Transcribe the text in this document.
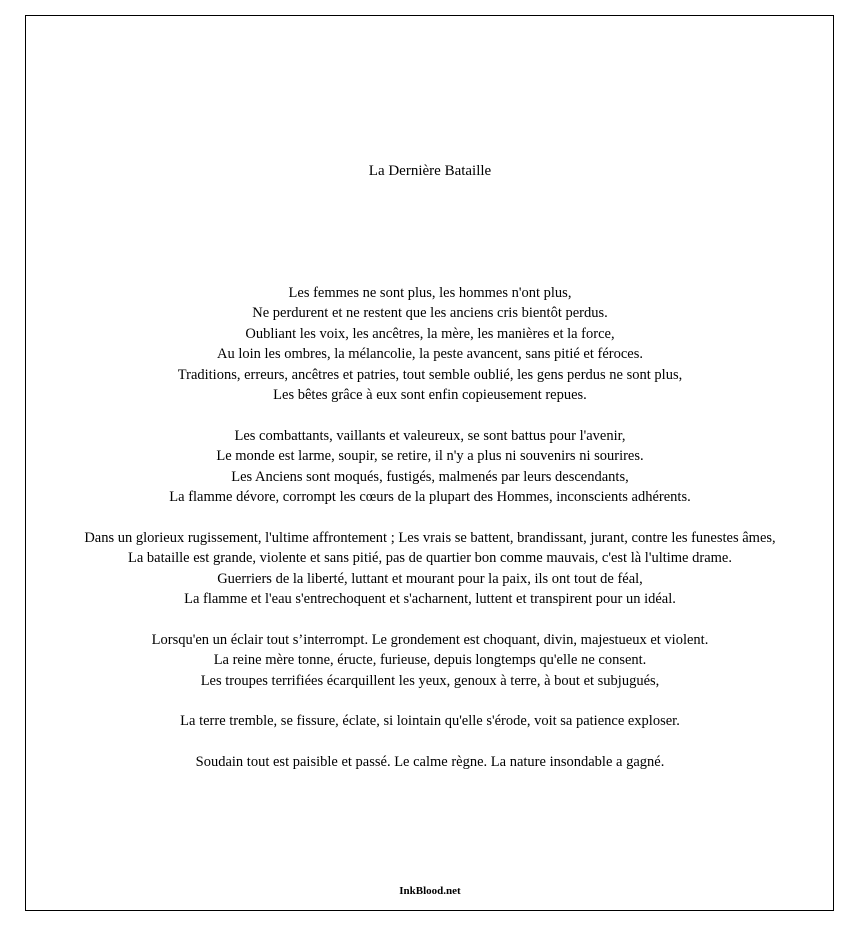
La Dernière Bataille
Les femmes ne sont plus, les hommes n'ont plus,
Ne perdurent et ne restent que les anciens cris bientôt perdus.
Oubliant les voix, les ancêtres, la mère, les manières et la force,
Au loin les ombres, la mélancolie, la peste avancent, sans pitié et féroces.
Traditions, erreurs, ancêtres et patries, tout semble oublié, les gens perdus ne sont plus,
Les bêtes grâce à eux sont enfin copieusement repues.
Les combattants, vaillants et valeureux, se sont battus pour l'avenir,
Le monde est larme, soupir, se retire, il n'y a plus ni souvenirs ni sourires.
Les Anciens sont moqués, fustigés, malmenés par leurs descendants,
La flamme dévore, corrompt les cœurs de la plupart des Hommes, inconscients adhérents.
Dans un glorieux rugissement, l'ultime affrontement ; Les vrais se battent, brandissant, jurant, contre les funestes âmes,
La bataille est grande, violente et sans pitié, pas de quartier bon comme mauvais, c'est là l'ultime drame.
Guerriers de la liberté, luttant et mourant pour la paix, ils ont tout de féal,
La flamme et l'eau s'entrechoquent et s'acharnent, luttent et transpirent pour un idéal.
Lorsqu'en un éclair tout s’interrompt. Le grondement est choquant, divin, majestueux et violent.
La reine mère tonne, éructe, furieuse, depuis longtemps qu'elle ne consent.
Les troupes terrifiées écarquillent les yeux, genoux à terre, à bout et subjugués,
La terre tremble, se fissure, éclate, si lointain qu'elle s'érode, voit sa patience exploser.
Soudain tout est paisible et passé. Le calme règne. La nature insondable a gagné.
InkBlood.net
